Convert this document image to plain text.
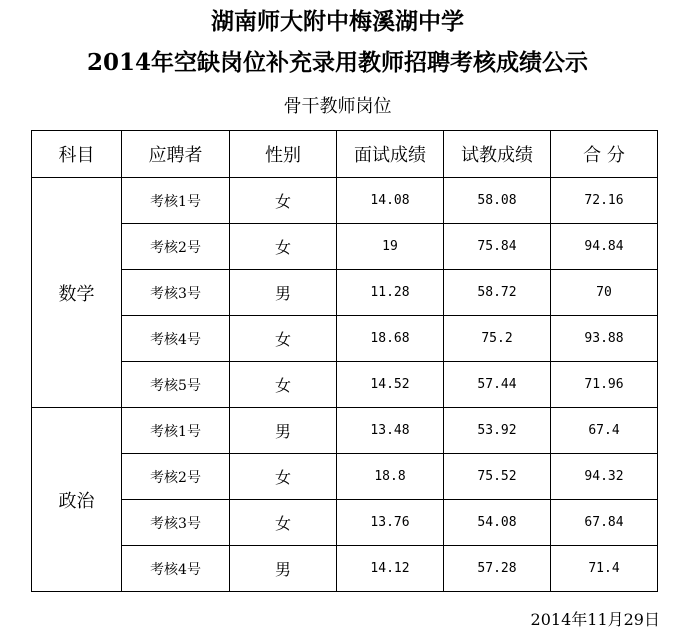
湖南师大附中梅溪湖中学
2014年空缺岗位补充录用教师招聘考核成绩公示
骨干教师岗位
科目	应聘者	性别	面试成绩	试教成绩	合 分
数学	考核1号	女	14.08	58.08	72.16
	考核2号	女	19	75.84	94.84
	考核3号	男	11.28	58.72	70
	考核4号	女	18.68	75.2	93.88
	考核5号	女	14.52	57.44	71.96
政治	考核1号	男	13.48	53.92	67.4
	考核2号	女	18.8	75.52	94.32
	考核3号	女	13.76	54.08	67.84
	考核4号	男	14.12	57.28	71.4
2014年11月29日
